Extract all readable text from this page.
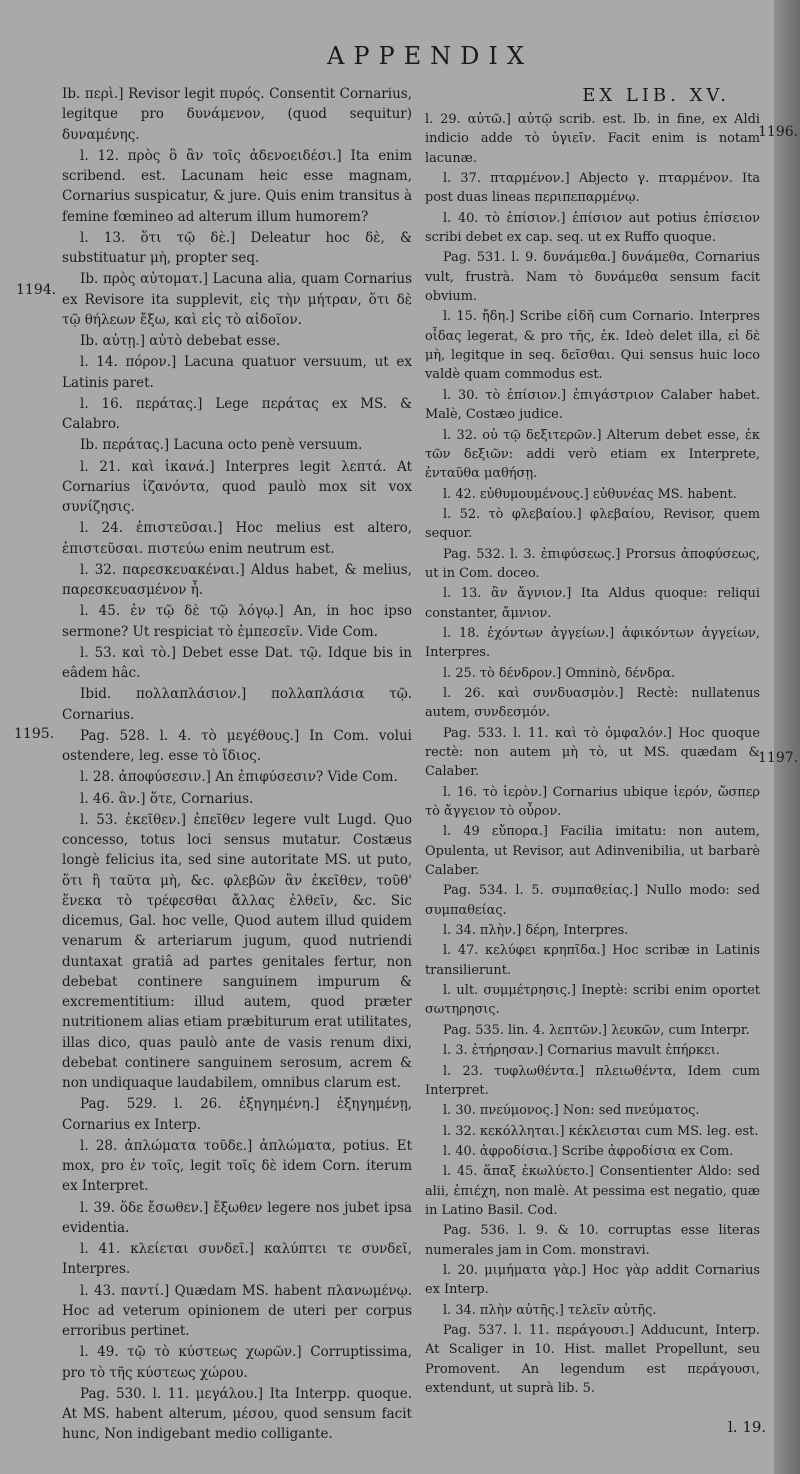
APPENDIX

Ib. περὶ.] Revisor legit πυρός. Consentit Cornarius, legitque pro δυνάμενον, (quod sequitur) δυναμένης.

l. 12. πρὸς ὃ ἂν τοῖς ἀδενοειδέσι.] Ita enim scribend. est. Lacunam heic esse magnam, Cornarius suspicatur, & jure. Quis enim transitus à femine fœmineo ad alterum illum humorem?

l. 13. ὅτι τῷ δὲ.] Deleatur hoc δὲ, & substituatur μὴ, propter seq.

Ib. πρὸς αὐτοματ.] Lacuna alia, quam Cornarius ex Revisore ita supplevit, εἰς τὴν μήτραν, ὅτι δὲ τῷ θήλεων ἔξω, καὶ εἰς τὸ αἰδοῖον.

Ib. αὐτῃ.] αὐτὸ debebat esse.

l. 14. πόρον.] Lacuna quatuor versuum, ut ex Latinis paret.

l. 16. περάτας.] Lege περάτας ex MS. & Calabro.

Ib. περάτας.] Lacuna octo penè versuum.

l. 21. καὶ ἱκανά.] Interpres legit λεπτά. At Cornarius ἰζανόντα, quod paulò mox sit vox συνίζησις.

l. 24. ἐπιστεῦσαι.] Hoc melius est altero, ἐπιστεῦσαι. πιστεύω enim neutrum est.

l. 32. παρεσκευακέναι.] Aldus habet, & melius, παρεσκευασμένον ἦ.

l. 45. ἐν τῷ δὲ τῷ λόγῳ.] An, in hoc ipso sermone? Ut respiciat τὸ ἐμπεσεῖν. Vide Com.

l. 53. καὶ τὸ.] Debet esse Dat. τῷ. Idque bis in eâdem hâc.

Ibid. πολλαπλάσιον.] πολλαπλάσια τῷ. Cornarius.

Pag. 528. l. 4. τὸ μεγέθους.] In Com. volui ostendere, leg. esse τὸ ἴδιος.

l. 28. ἀποφύσεσιν.] An ἐπιφύσεσιν? Vide Com.

l. 46. ἂν.] ὅτε, Cornarius.

l. 53. ἐκεῖθεν.] ἐπεῖθεν legere vult Lugd. Quo concesso, totus loci sensus mutatur. Costæus longè felicius ita, sed sine autoritate MS. ut puto, ὅτι ἢ ταῦτα μὴ, &c. φλεβῶν ἂν ἐκεῖθεν, τοῦθ' ἕνεκα τὸ τρέφεσθαι ἄλλας ἐλθεῖν, &c. Sic dicemus, Gal. hoc velle, Quod autem illud quidem venarum & arteriarum jugum, quod nutriendi duntaxat gratiâ ad partes genitales fertur, non debebat continere sanguinem impurum & excrementitium: illud autem, quod præter nutritionem alias etiam præbiturum erat utilitates, illas dico, quas paulò ante de vasis renum dixi, debebat continere sanguinem serosum, acrem & non undiquaque laudabilem, omnibus clarum est.

Pag. 529. l. 26. ἐξηγημένη.] ἐξηγημένῃ, Cornarius ex Interp.

l. 28. ἀπλώματα τοῦδε.] ἀπλώματα, potius. Et mox, pro ἐν τοῖς, legit τοῖς δὲ idem Corn. iterum ex Interpret.

l. 39. ὅδε ἔσωθεν.] ἔξωθεν legere nos jubet ipsa evidentia.

l. 41. κλείεται συνδεῖ.] καλύπτει τε συνδεῖ, Interpres.

l. 43. παντί.] Quædam MS. habent πλανωμένῳ. Hoc ad veterum opinionem de uteri per corpus erroribus pertinet.

l. 49. τῷ τὸ κύστεως χωρῶν.] Corruptissima, pro τὸ τῆς κύστεως χώρου.

Pag. 530. l. 11. μεγάλου.] Ita Interpp. quoque. At MS. habent alterum, μέσου, quod sensum facit hunc, Non indigebant medio colligante.

EX LIB. XV.

l. 29. αὐτῶ.] αὐτῷ scrib. est. Ib. in fine, ex Aldi indicio adde τὸ ὑγιεῖν. Facit enim is notam lacunæ.

l. 37. πταρμένον.] Abjecto γ. πταρμένον. Ita post duas lineas περιπεπαρμένῳ.

l. 40. τὸ ἐπίσιον.] ἐπίσιον aut potius ἐπίσειον scribi debet ex cap. seq. ut ex Ruffo quoque.

Pag. 531. l. 9. δυνάμεθα.] δυνάμεθα, Cornarius vult, frustrà. Nam τὸ δυνάμεθα sensum facit obvium.

l. 15. ἤδη.] Scribe εἰδῆ cum Cornario. Interpres οἶδας legerat, & pro τῆς, ἐκ. Ideò delet illa, εἰ δὲ μὴ, legitque in seq. δεῖσθαι. Qui sensus huic loco valdè quam commodus est.

l. 30. τὸ ἐπίσιον.] ἐπιγάστριον Calaber habet. Malè, Costæo judice.

l. 32. οὐ τῷ δεξιτερῶν.] Alterum debet esse, ἐκ τῶν δεξιῶν: addi verò etiam ex Interprete, ἐνταῦθα μαθήσῃ.

l. 42. εὐθυμουμένους.] εὐθυνέας MS. habent.

l. 52. τὸ φλεβαίου.] φλεβαίου, Revisor, quem sequor.

Pag. 532. l. 3. ἐπιφύσεως.] Prorsus ἀποφύσεως, ut in Com. doceo.

l. 13. ἂν ἄγνιον.] Ita Aldus quoque: reliqui constanter, ἄμνιον.

l. 18. ἐχόντων ἀγγείων.] ἀφικόντων ἀγγείων, Interpres.

l. 25. τὸ δένδρον.] Omninò, δένδρα.

l. 26. καὶ συνδυασμὸν.] Rectè: nullatenus autem, συνδεσμόν.

Pag. 533. l. 11. καὶ τὸ ὀμφαλόν.] Hoc quoque rectè: non autem μὴ τὸ, ut MS. quædam & Calaber.

l. 16. τὸ ἱερὸν.] Cornarius ubique ἱερόν, ὥσπερ τὸ ἄγγειον τὸ οὖρον.

l. 49 εὔπορα.] Facilia imitatu: non autem, Opulenta, ut Revisor, aut Adinvenibilia, ut barbarè Calaber.

Pag. 534. l. 5. συμπαθείας.] Nullo modo: sed συμπαθείας.

l. 34. πλὴν.] δέρη, Interpres.

l. 47. κελύφει κρηπῖδα.] Hoc scribæ in Latinis transilierunt.

l. ult. συμμέτρησις.] Ineptè: scribi enim oportet σωτηρησις.

Pag. 535. lin. 4. λεπτῶν.] λευκῶν, cum Interpr.

l. 3. ἐτήρησαν.] Cornarius mavult ἐπήρκει.

l. 23. τυφλωθέντα.] πλειωθέντα, Idem cum Interpret.

l. 30. πνεύμονος.] Non: sed πνεύματος.

l. 32. κεκόλληται.] κέκλεισται cum MS. leg. est.

l. 40. ἀφροδίσια.] Scribe ἀφροδίσια ex Com.

l. 45. ἅπαξ ἐκωλύετο.] Consentienter Aldo: sed alii, ἐπιέχη, non malè. At pessima est negatio, quæ in Latino Basil. Cod.

Pag. 536. l. 9. & 10. corruptas esse literas numerales jam in Com. monstravi.

l. 20. μιμήματα γὰρ.] Hoc γὰρ addit Cornarius ex Interp.

l. 34. πλὴν αὐτῆς.] τελεῖν αὐτῆς.

Pag. 537. l. 11. περάγουσι.] Adducunt, Interp. At Scaliger in 10. Hist. mallet Propellunt, seu Promovent. An legendum est περάγουσι, extendunt, ut suprà lib. 5.

1194.
1195.
1196.
1197.
l. 19.
